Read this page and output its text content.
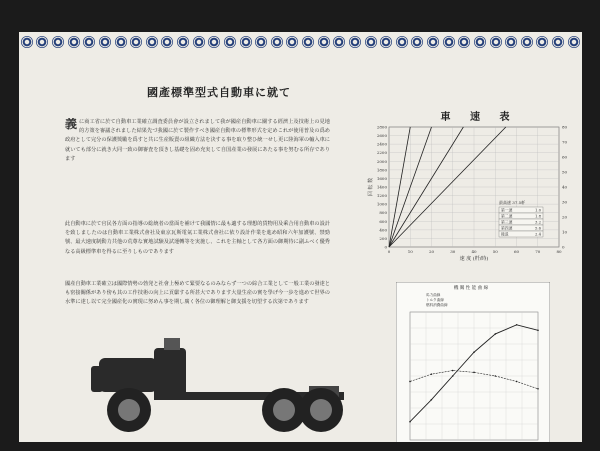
國產標準型式自動車に就て
義 に商工省に於て自動車工業確立調査委員會が設立されまして我が國産自動車に關する經濟上及技術上の見地的方策を審議されました結果先づ我國に於て製作すべき國産自動車の標準形式を定めこれが使用普及の爲め政府として完分の保護獎勵を爲すと共に生産販賣の組織方法を決する事を取り整ひ統一せし更に陸海軍の輸入車に就いても部分に就き大同一致の御審査を頂きし基礎を固め充実して自国産業の發展にあたる事を努むる所存であります
此自動車に於て官民各方面の指導の総統者の當面を補けて我國情に最も適する理想的貨物用及乘合用自動車の設計を致しましたのは自動車工業株式會社及東京瓦斯電氣工業株式會社に依り設計作業を進め昭和六年加護號、禁勁號、最大速度制動力共他の荒尊な實地試験及試運轉等を実施し、これを主軸として各方面の御期待に副ふべく優秀なる高級標準車を得るに至りしものであります
國産自動車工業確立は國際情勢の勃発と社會上極めて緊要なるのみならず一つの綜合工業として一般工業の發達とも密接關係があり傍も其の工作技術の向上に貢獻する所甚大であります大量生産の實を學げ今一歩を進めて世界の水準に達し以て完全國産化の實現に努めん事を期し廣く各位の御理解と御支援を切望する次第であります
車 速 表
0
200
400
600
800
1000
1200
1400
1600
1800
2000
2200
2400
2600
2800
0
10
20
30
40
50
60
70
80
0	10	20	30	40	50	60	70	80
速 度 (粁/時)
回 転 数
最高速 37.5粁
第一速	1.0
第二速	1.8
第三速	3.2
第四速	5.6
後退	2.4
馬力曲線
トルク曲線
燃料消費曲線
機 關 性 能 曲 線
